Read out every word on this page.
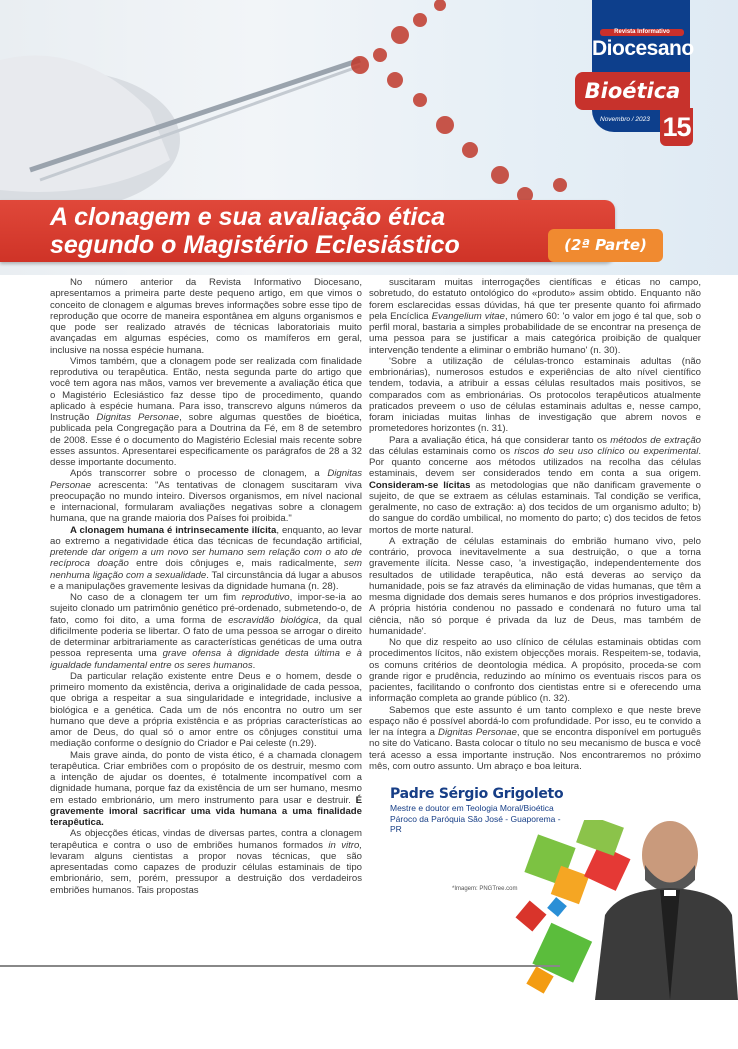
Revista Informativo
Diocesano
Novembro / 2023
Bioética
15
A clonagem e sua avaliação ética
segundo o Magistério Eclesiástico	(2ª Parte)

No número anterior da Revista Informativo Diocesano, apresentamos a primeira parte deste pequeno artigo, em que vimos o conceito de clonagem e algumas breves informações sobre esse tipo de reprodução que ocorre de maneira espontânea em alguns organismos e que pode ser realizado através de técnicas laboratoriais muito avançadas em algumas espécies, como os mamíferos em geral, inclusive na nossa espécie humana.

Vimos também, que a clonagem pode ser realizada com finalidade reprodutiva ou terapêutica. Então, nesta segunda parte do artigo que você tem agora nas mãos, vamos ver brevemente a avaliação ética que o Magistério Eclesiástico faz desse tipo de procedimento, quando aplicado à espécie humana. Para isso, transcrevo alguns números da Instrução Dignitas Personae, sobre algumas questões de bioética, publicada pela Congregação para a Doutrina da Fé, em 8 de setembro de 2008. Esse é o documento do Magistério Eclesial mais recente sobre esses assuntos. Apresentarei especificamente os parágrafos de 28 a 32 desse importante documento.

Após transcorrer sobre o processo de clonagem, a Dignitas Personae acrescenta: "As tentativas de clonagem suscitaram viva preocupação no mundo inteiro. Diversos organismos, em nível nacional e internacional, formularam avaliações negativas sobre a clonagem humana, que na grande maioria dos Países foi proibida."

A clonagem humana é intrinsecamente ilícita, enquanto, ao levar ao extremo a negatividade ética das técnicas de fecundação artificial, pretende dar origem a um novo ser humano sem relação com o ato de recíproca doação entre dois cônjuges e, mais radicalmente, sem nenhuma ligação com a sexualidade. Tal circunstância dá lugar a abusos e a manipulações gravemente lesivas da dignidade humana (n. 28).

No caso de a clonagem ter um fim reprodutivo, impor-se-ia ao sujeito clonado um patrimônio genético pré-ordenado, submetendo-o, de fato, como foi dito, a uma forma de escravidão biológica, da qual dificilmente poderia se libertar. O fato de uma pessoa se arrogar o direito de determinar arbitrariamente as características genéticas de uma outra pessoa representa uma grave ofensa à dignidade desta última e à igualdade fundamental entre os seres humanos.

Da particular relação existente entre Deus e o homem, desde o primeiro momento da existência, deriva a originalidade de cada pessoa, que obriga a respeitar a sua singularidade e integridade, inclusive a biológica e a genética. Cada um de nós encontra no outro um ser humano que deve a própria existência e as próprias características ao amor de Deus, do qual só o amor entre os cônjuges constitui uma mediação conforme o desígnio do Criador e Pai celeste (n.29).

Mais grave ainda, do ponto de vista ético, é a chamada clonagem terapêutica. Criar embriões com o propósito de os destruir, mesmo com a intenção de ajudar os doentes, é totalmente incompatível com a dignidade humana, porque faz da existência de um ser humano, mesmo em estado embrionário, um mero instrumento para usar e destruir. É gravemente imoral sacrificar uma vida humana a uma finalidade terapêutica.

As objecções éticas, vindas de diversas partes, contra a clonagem terapêutica e contra o uso de embriões humanos formados in vitro, levaram alguns cientistas a propor novas técnicas, que são apresentadas como capazes de produzir células estaminais de tipo embrionário, sem, porém, pressupor a destruição dos verdadeiros embriões humanos. Tais propostas

suscitaram muitas interrogações científicas e éticas no campo, sobretudo, do estatuto ontológico do «produto» assim obtido. Enquanto não forem esclarecidas essas dúvidas, há que ter presente quanto foi afirmado pela Encíclica Evangelium vitae, número 60: 'o valor em jogo é tal que, sob o perfil moral, bastaria a simples probabilidade de se encontrar na presença de uma pessoa para se justificar a mais categórica proibição de qualquer intervenção tendente a eliminar o embrião humano' (n. 30).

'Sobre a utilização de células-tronco estaminais adultas (não embrionárias), numerosos estudos e experiências de alto nível científico tendem, todavia, a atribuir a essas células resultados mais positivos, se comparados com as embrionárias. Os protocolos terapêuticos atualmente praticados preveem o uso de células estaminais adultas e, nesse campo, foram iniciadas muitas linhas de investigação que abrem novos e prometedores horizontes (n. 31).

Para a avaliação ética, há que considerar tanto os métodos de extração das células estaminais como os riscos do seu uso clínico ou experimental. Por quanto concerne aos métodos utilizados na recolha das células estaminais, devem ser considerados tendo em conta a sua origem. Consideram-se lícitas as metodologias que não danificam gravemente o sujeito, de que se extraem as células estaminais. Tal condição se verifica, geralmente, no caso de extração: a) dos tecidos de um organismo adulto; b) do sangue do cordão umbilical, no momento do parto; c) dos tecidos de fetos mortos de morte natural.

A extração de células estaminais do embrião humano vivo, pelo contrário, provoca inevitavelmente a sua destruição, o que a torna gravemente ilícita. Nesse caso, 'a investigação, independentemente dos resultados de utilidade terapêutica, não está deveras ao serviço da humanidade, pois se faz através da eliminação de vidas humanas, que têm a mesma dignidade dos demais seres humanos e dos próprios investigadores. A própria história condenou no passado e condenará no futuro uma tal ciência, não só porque é privada da luz de Deus, mas também de humanidade'.

No que diz respeito ao uso clínico de células estaminais obtidas com procedimentos lícitos, não existem objecções morais. Respeitem-se, todavia, os comuns critérios de deontologia médica. A propósito, proceda-se com grande rigor e prudência, reduzindo ao mínimo os eventuais riscos para os pacientes, facilitando o confronto dos cientistas entre si e oferecendo uma informação completa ao grande público (n. 32).

Sabemos que este assunto é um tanto complexo e que neste breve espaço não é possível abordá-lo com profundidade. Por isso, eu te convido a ler na íntegra a Dignitas Personae, que se encontra disponível em português no site do Vaticano. Basta colocar o título no seu mecanismo de busca e você terá acesso a essa importante instrução. Nos encontraremos no próximo mês, com outro assunto. Um abraço e boa leitura.

Padre Sérgio Grigoleto
Mestre e doutor em Teologia Moral/Bioética
Pároco da Paróquia São José - Guaporema - PR
*Imagem: PNGTree.com
